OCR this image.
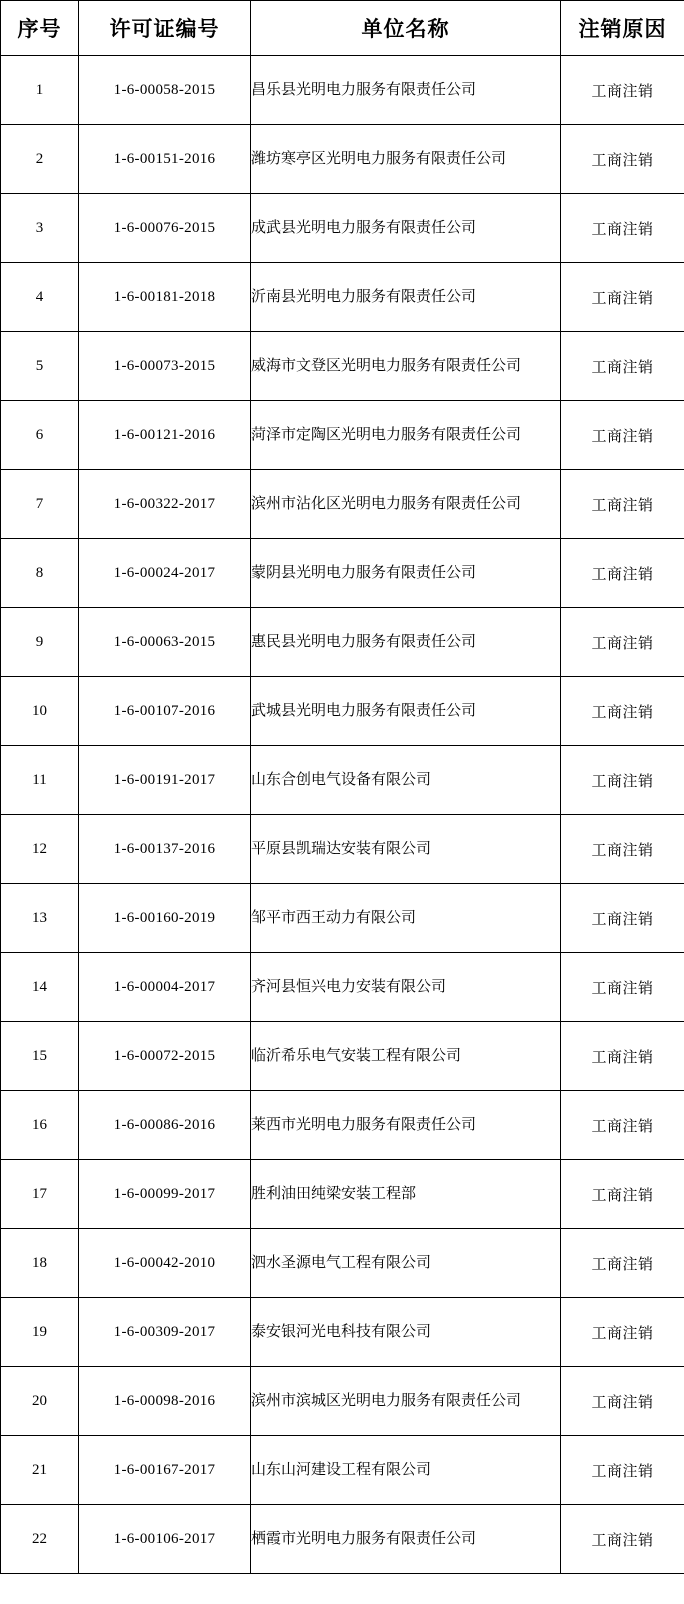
序号	许可证编号	单位名称	注销原因
1	1-6-00058-2015	昌乐县光明电力服务有限责任公司	工商注销
2	1-6-00151-2016	潍坊寒亭区光明电力服务有限责任公司	工商注销
3	1-6-00076-2015	成武县光明电力服务有限责任公司	工商注销
4	1-6-00181-2018	沂南县光明电力服务有限责任公司	工商注销
5	1-6-00073-2015	威海市文登区光明电力服务有限责任公司	工商注销
6	1-6-00121-2016	菏泽市定陶区光明电力服务有限责任公司	工商注销
7	1-6-00322-2017	滨州市沾化区光明电力服务有限责任公司	工商注销
8	1-6-00024-2017	蒙阴县光明电力服务有限责任公司	工商注销
9	1-6-00063-2015	惠民县光明电力服务有限责任公司	工商注销
10	1-6-00107-2016	武城县光明电力服务有限责任公司	工商注销
11	1-6-00191-2017	山东合创电气设备有限公司	工商注销
12	1-6-00137-2016	平原县凯瑞达安装有限公司	工商注销
13	1-6-00160-2019	邹平市西王动力有限公司	工商注销
14	1-6-00004-2017	齐河县恒兴电力安装有限公司	工商注销
15	1-6-00072-2015	临沂希乐电气安装工程有限公司	工商注销
16	1-6-00086-2016	莱西市光明电力服务有限责任公司	工商注销
17	1-6-00099-2017	胜利油田纯梁安装工程部	工商注销
18	1-6-00042-2010	泗水圣源电气工程有限公司	工商注销
19	1-6-00309-2017	泰安银河光电科技有限公司	工商注销
20	1-6-00098-2016	滨州市滨城区光明电力服务有限责任公司	工商注销
21	1-6-00167-2017	山东山河建设工程有限公司	工商注销
22	1-6-00106-2017	栖霞市光明电力服务有限责任公司	工商注销
